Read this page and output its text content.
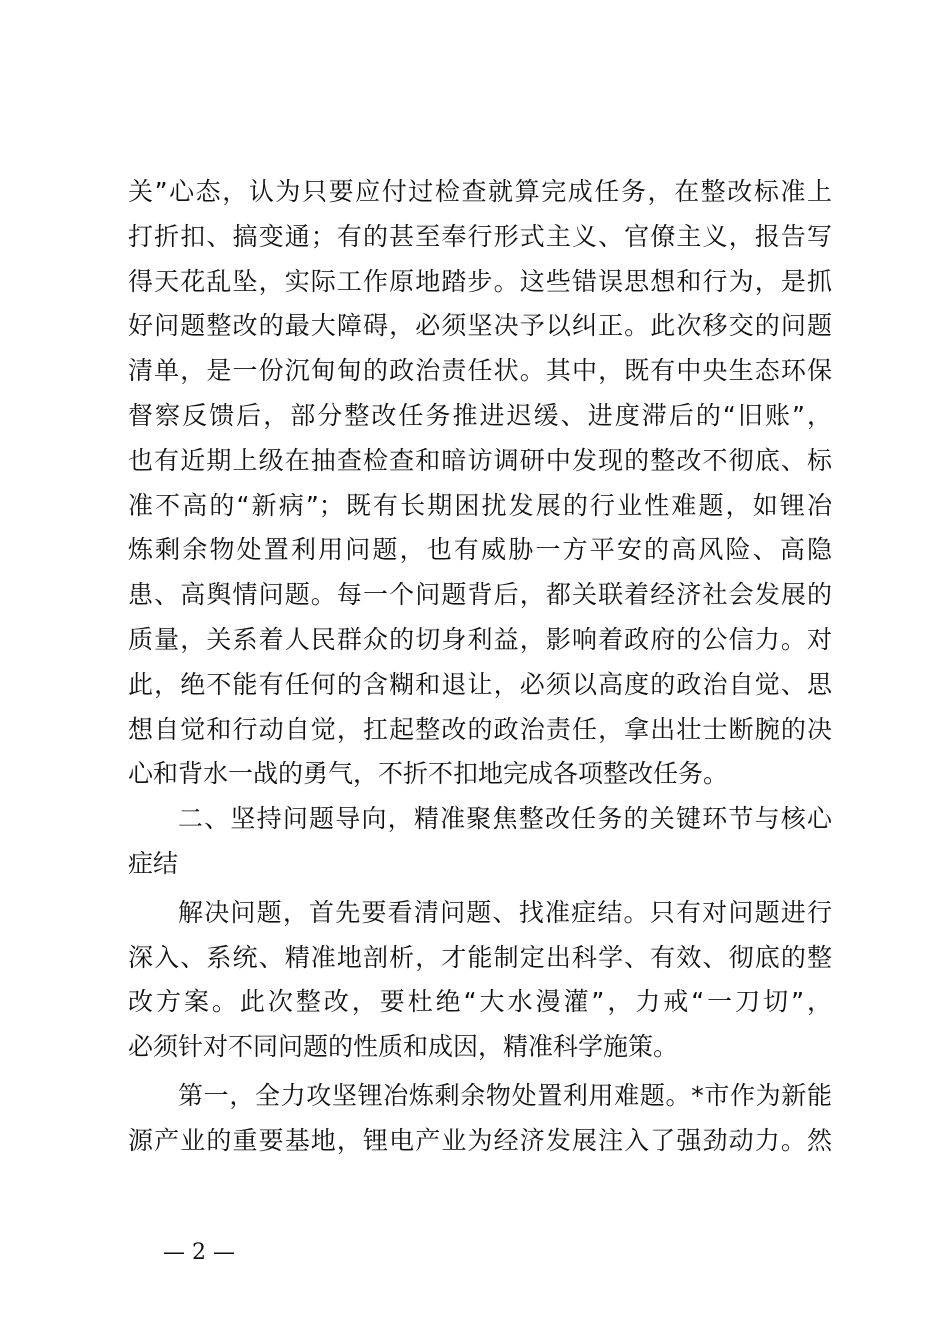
关”心态，认为只要应付过检查就算完成任务，在整改标准上
打折扣、搞变通；有的甚至奉行形式主义、官僚主义，报告写
得天花乱坠，实际工作原地踏步。这些错误思想和行为，是抓
好问题整改的最大障碍，必须坚决予以纠正。此次移交的问题
清单，是一份沉甸甸的政治责任状。其中，既有中央生态环保
督察反馈后，部分整改任务推进迟缓、进度滞后的“旧账”，
也有近期上级在抽查检查和暗访调研中发现的整改不彻底、标
准不高的“新病”；既有长期困扰发展的行业性难题，如锂冶
炼剩余物处置利用问题，也有威胁一方平安的高风险、高隐
患、高舆情问题。每一个问题背后，都关联着经济社会发展的
质量，关系着人民群众的切身利益，影响着政府的公信力。对
此，绝不能有任何的含糊和退让，必须以高度的政治自觉、思
想自觉和行动自觉，扛起整改的政治责任，拿出壮士断腕的决
心和背水一战的勇气，不折不扣地完成各项整改任务。
二、坚持问题导向，精准聚焦整改任务的关键环节与核心
症结
解决问题，首先要看清问题、找准症结。只有对问题进行
深入、系统、精准地剖析，才能制定出科学、有效、彻底的整
改方案。此次整改，要杜绝“大水漫灌”，力戒“一刀切”，
必须针对不同问题的性质和成因，精准科学施策。
第一，全力攻坚锂冶炼剩余物处置利用难题。*市作为新能
源产业的重要基地，锂电产业为经济发展注入了强劲动力。然
— 2 —
